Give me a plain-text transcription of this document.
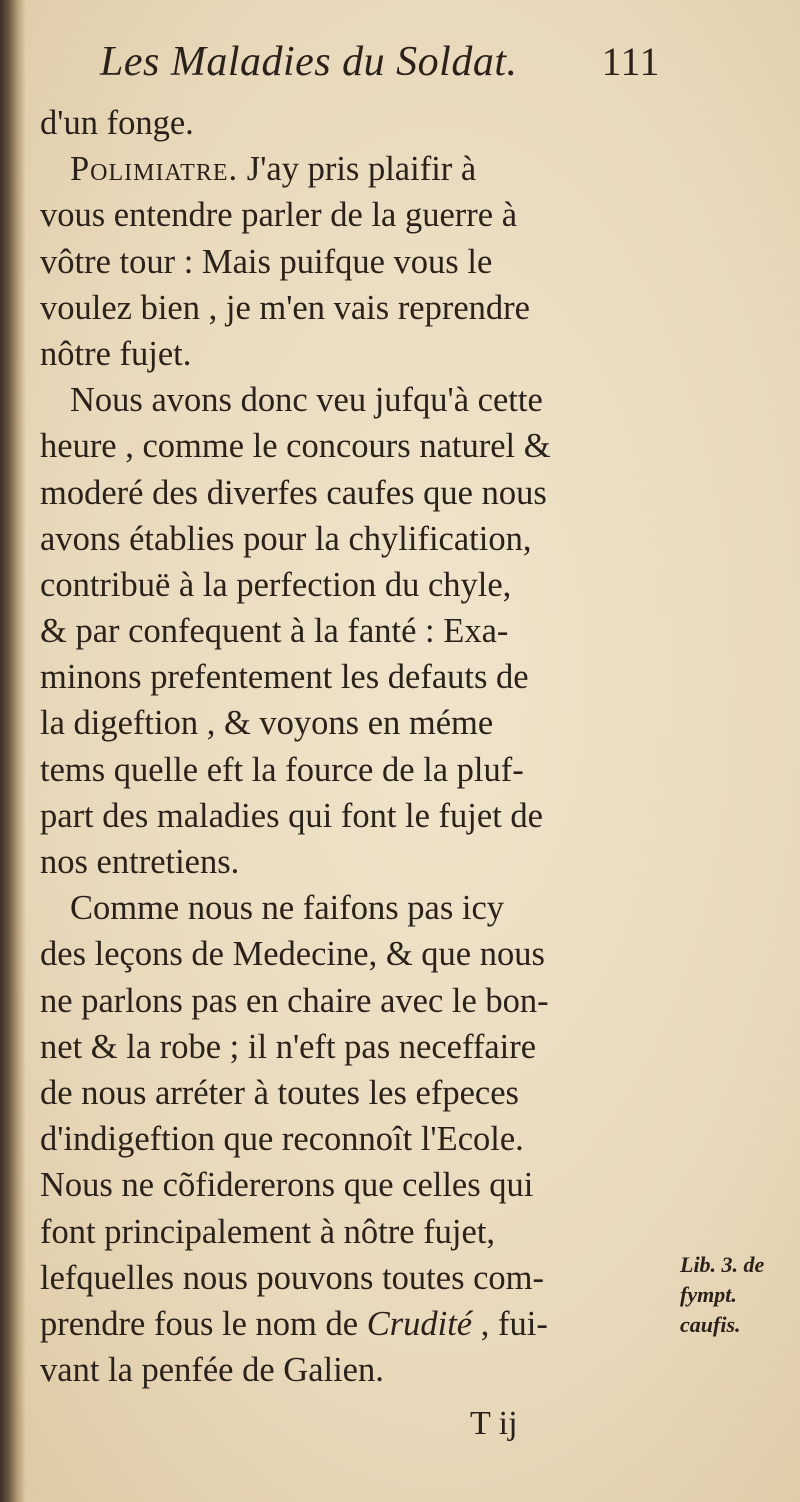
Les Maladies du Soldat. 111
d'un fonge.
Polimiatre. J'ay pris plaifir à
vous entendre parler de la guerre à
vôtre tour : Mais puifque vous le
voulez bien , je m'en vais reprendre
nôtre fujet.
Nous avons donc veu jufqu'à cette
heure , comme le concours naturel &
moderé des diverfes caufes que nous
avons établies pour la chylification,
contribuë à la perfection du chyle,
& par confequent à la fanté : Exa-
minons prefentement les defauts de
la digeftion , & voyons en méme
tems quelle eft la fource de la pluf-
part des maladies qui font le fujet de
nos entretiens.
Comme nous ne faifons pas icy
des leçons de Medecine, & que nous
ne parlons pas en chaire avec le bon-
net & la robe ; il n'eft pas neceffaire
de nous arréter à toutes les efpeces
d'indigeftion que reconnoît l'Ecole.
Nous ne cõfidererons que celles qui
font principalement à nôtre fujet,
lefquelles nous pouvons toutes com-
prendre fous le nom de Crudité , fui-
vant la penfée de Galien.
Lib. 3. de
fympt.
caufis.
T ij
